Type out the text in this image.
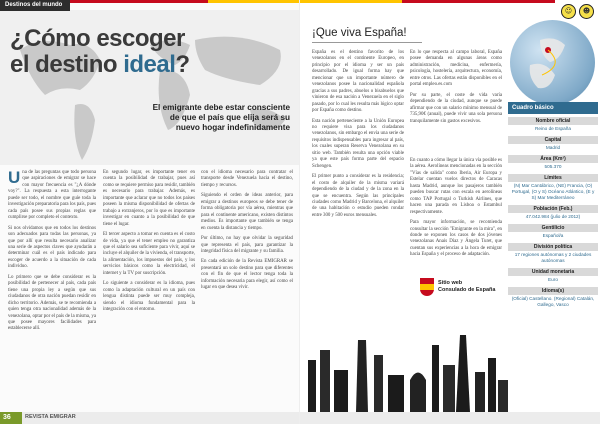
Destinos del mundo
¿Cómo escoger
el destino ideal?
El emigrante debe estar consciente de que el país que elija será su nuevo hogar indefinidamente

Una de las preguntas que todo persona que aspiraciones de emigrar se hace con mayor frecuencia es "¿A dónde voy?". La respuesta a esta interrogante puede ser todo, el nombre que guíe toda la investigación preparatoria para los país, pues cada país posee sus propias reglas que cumplirse por completo el contexto.

Si nos olvidamos que en todos los destinos son adecuados para todas las personas, ya que por allí que resulta necesario analizar una serie de aspectos claves que ayudarán a determinar cuál es el país indicado para escoger de acuerdo a la situación de cada individuo.

Lo primero que se debe considerar es la posibilidad de pertenecer al país, cada país tiene una propia ley a según que sus ciudadanos de otra nación puedan residir en dicho territorio. Además, se te recomienda a quien tenga otra nacionalidad además de la venezolana, optar por el país de la misma, ya que posee mayores facilidades para establecerse allí.

En segundo lugar, es importante tener en cuenta la posibilidad de trabajar, pues así como se requiere permiso para residir, también es necesario para trabajar. Además, es importante que aclarar que no todos los países poseen la misma disponibilidad de ofertas de trabajo a extranjeros, por lo que es importante investigar en cuanto a la posibilidad de que tiene el lugar.

El tercer aspecto a tomar en cuenta es el costo de vida, ya que el tener empleo no garantiza que el salario sea suficiente para vivir, aquí se incluye el alquiler de la vivienda, el transporte, la alimentación, los impuestos del país, y los servicios básicos como la electricidad, el internet y la TV por suscripción.

Lo siguiente a considerar es la idioma, pues como la adaptación cultural en un país con lengua distinta puede ser muy compleja, siendo el idioma fundamental para la integración con el entorno.

con el idioma necesario para contratar el transporte desde Venezuela hacia el destino, tiempo y recursos.

Siguiendo el orden de ideas anterior, para emigrar a destinos europeos se debe tener de forma obligatoria por vía aérea, mientras que para el continente americano, existen distintos medios. Es importante que también se tenga en cuenta la distancia y tiempo.

Por último, no hay que olvidar la seguridad que representa el país, para garantizar la integridad física del migrante y su familia.

En cada edición de la Revista EMIGRAR se presentará un solo destino para que diferentes con el fin de que el lector tenga toda la información necesaria para elegir, así como el lugar en que desea vivir.

36	REVISTA EMIGRAR
☺	☻
¡Que viva España!

España es el destino favorito de los venezolanos en el continente Europeo, en principio por el idioma y ser un país desarrollado. De igual forma hay que mencionar que un importante número de venezolanos posee la nacionalidad española gracias a sus padres, abuelos o bisabuelos que vinieron de esa nación a Venezuela en el siglo pasado, por lo cual les resulta más lógico optar por España como destino.

Esta nación perteneciente a la Unión Europea no requiere visa para los ciudadanos venezolanos, sin embargo el envía una serie de requisitos indispensables para ingresar al país, los cuales superan Reserva Venezolana en su sitio web. También resulta una opción viable ya que este país forma parte del espacio Schengen.

El primer punto a considerar es la residencia; el costo de alquiler de la misma variará dependiendo de la ciudad y de la zona en la que se encuentra. Según las principales ciudades como Madrid y Barcelona, el alquiler de una habitación o estudio pueden rondar entre 300 y 500 euros mensuales.

En lo que respecta al campo laboral, España posee demanda en algunas áreas como administración, medicina, enfermería, psicología, hostelería, arquitectura, economía, entre otros. Las ofertas están disponibles en el portal empleo.es.com

Por su parte, el coste de vida varía dependiendo de la ciudad, aunque se puede afirmar que con un salario mínimo mensual de 735,90€ (anual), puede vivir una sola persona tranquilamente sin gastos excesivos.

En cuanto a cómo llegar la única vía posible es la aérea. Aerolíneas mencionadas en la sección "Vías de salida" como Iberia, Air Europa y Estelar cuentan vuelos directos de Caracas hasta Madrid, aunque los pasajeros también pueden buscar rutas con escala en aerolíneas como TAP Portugal o Turkish Airlines, que hacen una parada en Lisboa o Estambul respectivamente.

Para mayor información, se recomienda consultar la sección "Emigrante en la mira", en donde se exponen los casos de dos jóvenes venezolanas Anais Díaz y Ángela Turet, que cuentan sus experiencias a la hora de emigrar hacia España y el proceso de adaptación.

Cuadro básico
Nombre oficial
Reino de España
Capital
Madrid
Área (Km²)
505.370
Límites
(N) Mar Cantábrico, (NE) Francia, (O) Portugal, (O y S) Océano Atlántico, (E y S) Mar Mediterráneo
Población (Feb.)
47.042.984 (julio de 2012)
Gentilicio
Español/a
División política
17 regiones autónomas y 2 ciudades autónomas
Unidad monetaria
Euro
Idioma(s)
(Oficial) Castellano. (Regional) Catalán, Gallego, Vasco
Sitio web
Consulado de España
